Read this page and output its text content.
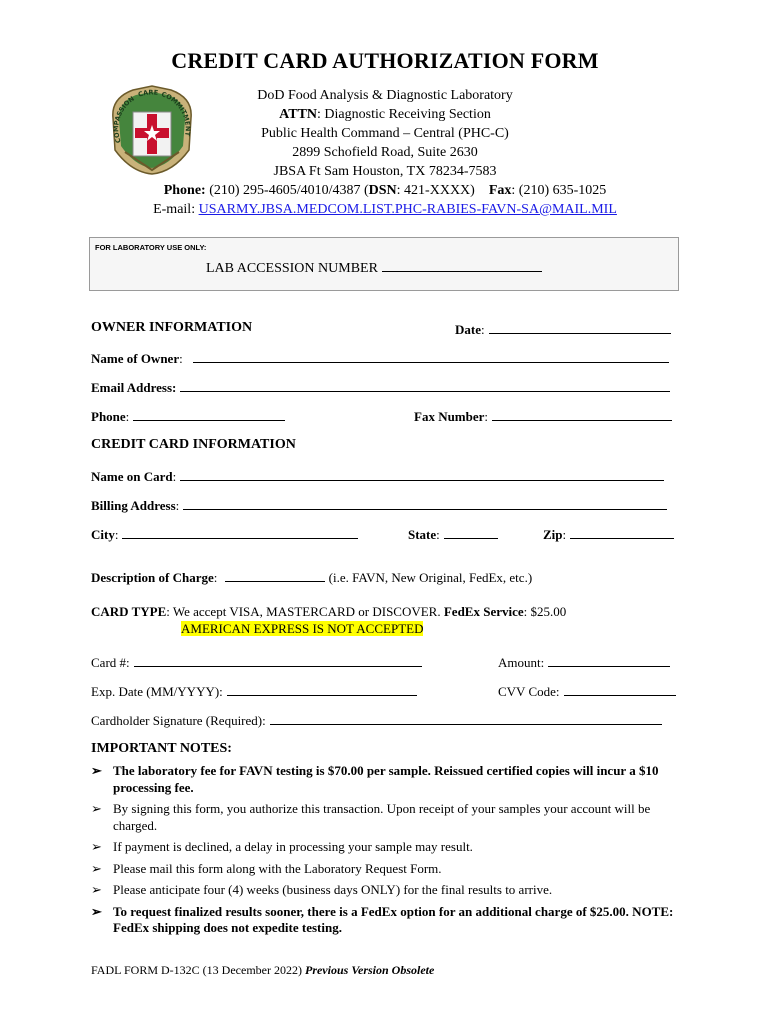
CREDIT CARD AUTHORIZATION FORM
COMPASSION
CARE COMMITMENT
DoD Food Analysis & Diagnostic Laboratory
ATTN: Diagnostic Receiving Section
Public Health Command – Central (PHC-C)
2899 Schofield Road, Suite 2630
JBSA Ft Sam Houston, TX 78234-7583
Phone: (210) 295-4605/4010/4387 (DSN: 421-XXXX) Fax: (210) 635-1025
E-mail: USARMY.JBSA.MEDCOM.LIST.PHC-RABIES-FAVN-SA@MAIL.MIL
FOR LABORATORY USE ONLY:
LAB ACCESSION NUMBER
OWNER INFORMATION	Date:
Name of Owner:
Email Address:
Phone:	Fax Number:
CREDIT CARD INFORMATION
Name on Card:
Billing Address:
City:	State:	Zip:
Description of Charge:	(i.e. FAVN, New Original, FedEx, etc.)
CARD TYPE: We accept VISA, MASTERCARD or DISCOVER. FedEx Service: $25.00
AMERICAN EXPRESS IS NOT ACCEPTED
Card #:	Amount:
Exp. Date (MM/YYYY):	CVV Code:
Cardholder Signature (Required):
IMPORTANT NOTES:
➢ The laboratory fee for FAVN testing is $70.00 per sample. Reissued certified copies will incur a $10 processing fee.
➢ By signing this form, you authorize this transaction. Upon receipt of your samples your account will be charged.
➢ If payment is declined, a delay in processing your sample may result.
➢ Please mail this form along with the Laboratory Request Form.
➢ Please anticipate four (4) weeks (business days ONLY) for the final results to arrive.
➢ To request finalized results sooner, there is a FedEx option for an additional charge of $25.00. NOTE: FedEx shipping does not expedite testing.
FADL FORM D-132C (13 December 2022) Previous Version Obsolete
